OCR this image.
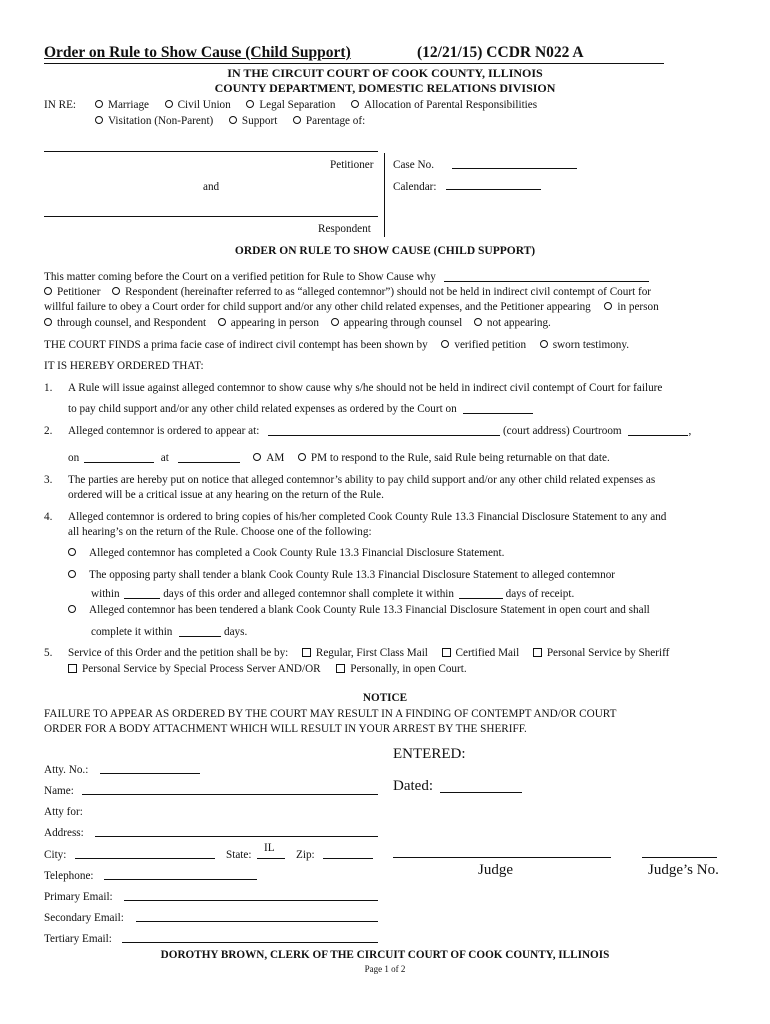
Order on Rule to Show Cause (Child Support)	(12/21/15) CCDR N022 A
IN THE CIRCUIT COURT OF COOK COUNTY, ILLINOIS
COUNTY DEPARTMENT, DOMESTIC RELATIONS DIVISION
IN RE:	Marriage	Civil Union	Legal Separation	Allocation of Parental Responsibilities
Visitation (Non-Parent)	Support	Parentage of:
Petitioner Case No.
and	Calendar:
Respondent
ORDER ON RULE TO SHOW CAUSE (CHILD SUPPORT)
This matter coming before the Court on a verified petition for Rule to Show Cause why
Petitioner Respondent (hereinafter referred to as “alleged contemnor”) should not be held in indirect civil contempt of Court for
willful failure to obey a Court order for child support and/or any other child related expenses, and the Petitioner appearing in person
through counsel, and Respondent appearing in person appearing through counsel not appearing.
THE COURT FINDS a prima facie case of indirect civil contempt has been shown by verified petition sworn testimony.
IT IS HEREBY ORDERED THAT:
1. A Rule will issue against alleged contemnor to show cause why s/he should not be held in indirect civil contempt of Court for failure
to pay child support and/or any other child related expenses as ordered by the Court on
2. Alleged contemnor is ordered to appear at:	(court address) Courtroom	,
on	at	AM PM to respond to the Rule, said Rule being returnable on that date.
3. The parties are hereby put on notice that alleged contemnor’s ability to pay child support and/or any other child related expenses as
ordered will be a critical issue at any hearing on the return of the Rule.
4. Alleged contemnor is ordered to bring copies of his/her completed Cook County Rule 13.3 Financial Disclosure Statement to any and
all hearing’s on the return of the Rule. Choose one of the following:
Alleged contemnor has completed a Cook County Rule 13.3 Financial Disclosure Statement.
The opposing party shall tender a blank Cook County Rule 13.3 Financial Disclosure Statement to alleged contemnor
within	days of this order and alleged contemnor shall complete it within	days of receipt.
Alleged contemnor has been tendered a blank Cook County Rule 13.3 Financial Disclosure Statement in open court and shall
complete it within	days.
5. Service of this Order and the petition shall be by: Regular, First Class Mail Certified Mail Personal Service by Sheriff
Personal Service by Special Process Server AND/OR	Personally, in open Court.
NOTICE
FAILURE TO APPEAR AS ORDERED BY THE COURT MAY RESULT IN A FINDING OF CONTEMPT AND/OR COURT
ORDER FOR A BODY ATTACHMENT WHICH WILL RESULT IN YOUR ARREST BY THE SHERIFF.
Atty. No.:
Name:
Atty for:
Address:
City:	State:
IL
Zip:
Telephone:
Primary Email:
Secondary Email:
Tertiary Email:
ENTERED:
Dated:
Judge	Judge’s No.
DOROTHY BROWN, CLERK OF THE CIRCUIT COURT OF COOK COUNTY, ILLINOIS
Page 1 of 2
